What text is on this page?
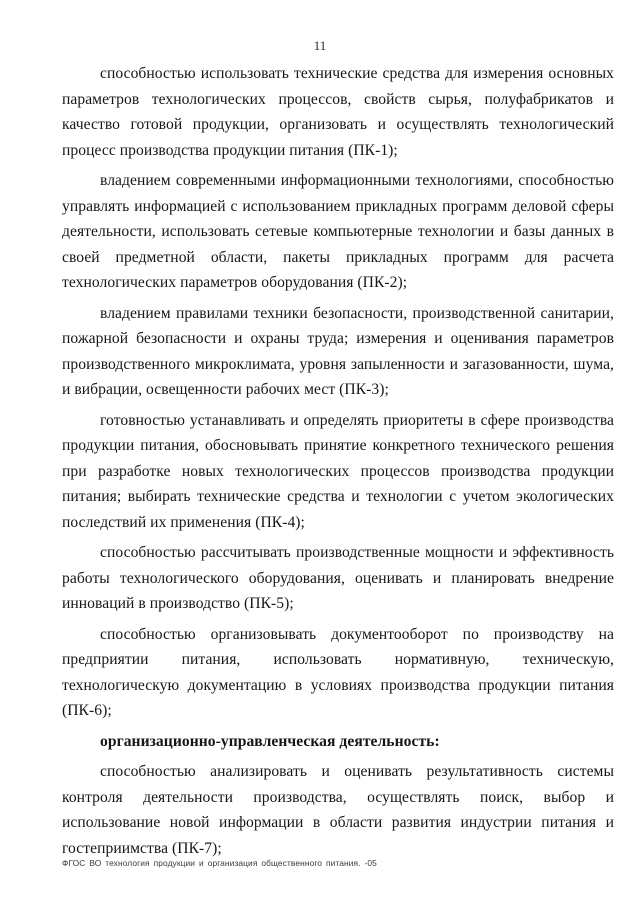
11

способностью использовать технические средства для измерения основных параметров технологических процессов, свойств сырья, полуфабрикатов и качество готовой продукции, организовать и осуществлять технологический процесс производства продукции питания (ПК-1);

владением современными информационными технологиями, способностью управлять информацией с использованием прикладных программ деловой сферы деятельности, использовать сетевые компьютерные технологии и базы данных в своей предметной области, пакеты прикладных программ для расчета технологических параметров оборудования (ПК-2);

владением правилами техники безопасности, производственной санитарии, пожарной безопасности и охраны труда; измерения и оценивания параметров производственного микроклимата, уровня запыленности и загазованности, шума, и вибрации, освещенности рабочих мест (ПК-3);

готовностью устанавливать и определять приоритеты в сфере производства продукции питания, обосновывать принятие конкретного технического решения при разработке новых технологических процессов производства продукции питания; выбирать технические средства и технологии с учетом экологических последствий их применения (ПК-4);

способностью рассчитывать производственные мощности и эффективность работы технологического оборудования, оценивать и планировать внедрение инноваций в производство (ПК-5);

способностью организовывать документооборот по производству на предприятии питания, использовать нормативную, техническую, технологическую документацию в условиях производства продукции питания (ПК-6);

организационно-управленческая деятельность:

способностью анализировать и оценивать результативность системы контроля деятельности производства, осуществлять поиск, выбор и использование новой информации в области развития индустрии питания и гостеприимства (ПК-7);

ФГОС ВО технология продукции и организация общественного питания. -05
